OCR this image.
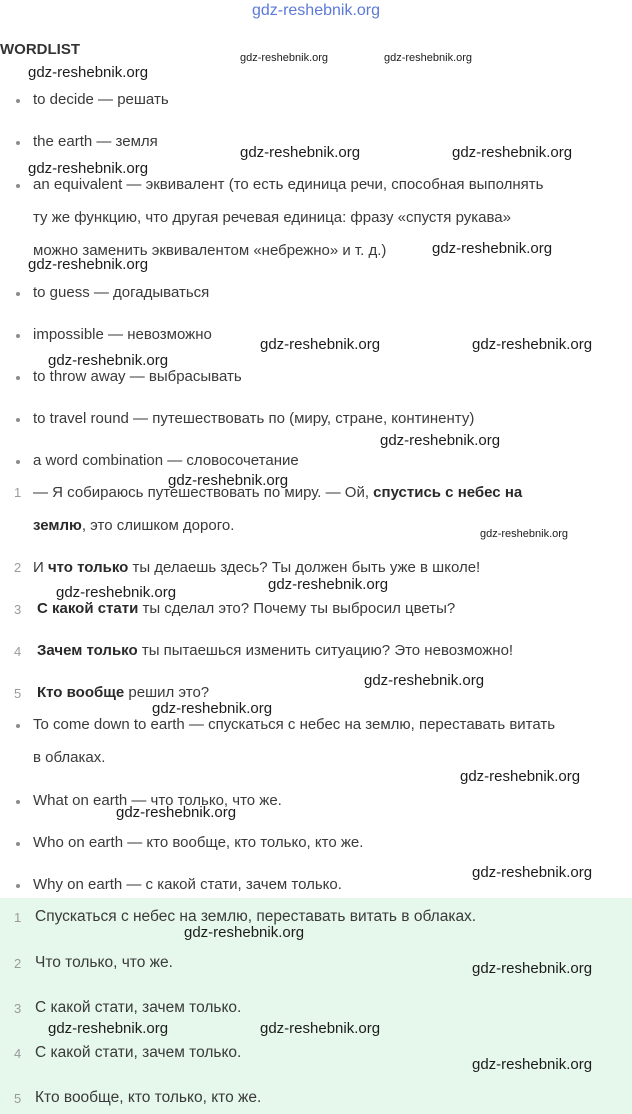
gdz-reshebnik.org
WORDLIST
to decide — решать
the earth — земля
an equivalent — эквивалент (то есть единица речи, способная выполнять
ту же функцию, что другая речевая единица: фразу «спустя рукава»
можно заменить эквивалентом «небрежно» и т. д.)
to guess — догадываться
impossible — невозможно
to throw away — выбрасывать
to travel round — путешествовать по (миру, стране, континенту)
a word combination — словосочетание
1 — Я собираюсь путешествовать по миру. — Ой, спустись с небес на
землю, это слишком дорого.
2 И что только ты делаешь здесь? Ты должен быть уже в школе!
3 С какой стати ты сделал это? Почему ты выбросил цветы?
4 Зачем только ты пытаешься изменить ситуацию? Это невозможно!
5 Кто вообще решил это?
To come down to earth — спускаться с небес на землю, переставать витать
в облаках.
What on earth — что только, что же.
Who on earth — кто вообще, кто только, кто же.
Why on earth — с какой стати, зачем только.
1 Спускаться с небес на землю, переставать витать в облаках.
2 Что только, что же.
3 С какой стати, зачем только.
4 С какой стати, зачем только.
5 Кто вообще, кто только, кто же.
gdz-reshebnik.org	gdz-reshebnik.org
gdz-reshebnik.org
gdz-reshebnik.org	gdz-reshebnik.org
gdz-reshebnik.org
gdz-reshebnik.org
gdz-reshebnik.org
gdz-reshebnik.org	gdz-reshebnik.org
gdz-reshebnik.org
gdz-reshebnik.org
gdz-reshebnik.org
gdz-reshebnik.org
gdz-reshebnik.org
gdz-reshebnik.org
gdz-reshebnik.org
gdz-reshebnik.org
gdz-reshebnik.org
gdz-reshebnik.org
gdz-reshebnik.org
gdz-reshebnik.org
gdz-reshebnik.org
gdz-reshebnik.org	gdz-reshebnik.org
gdz-reshebnik.org
